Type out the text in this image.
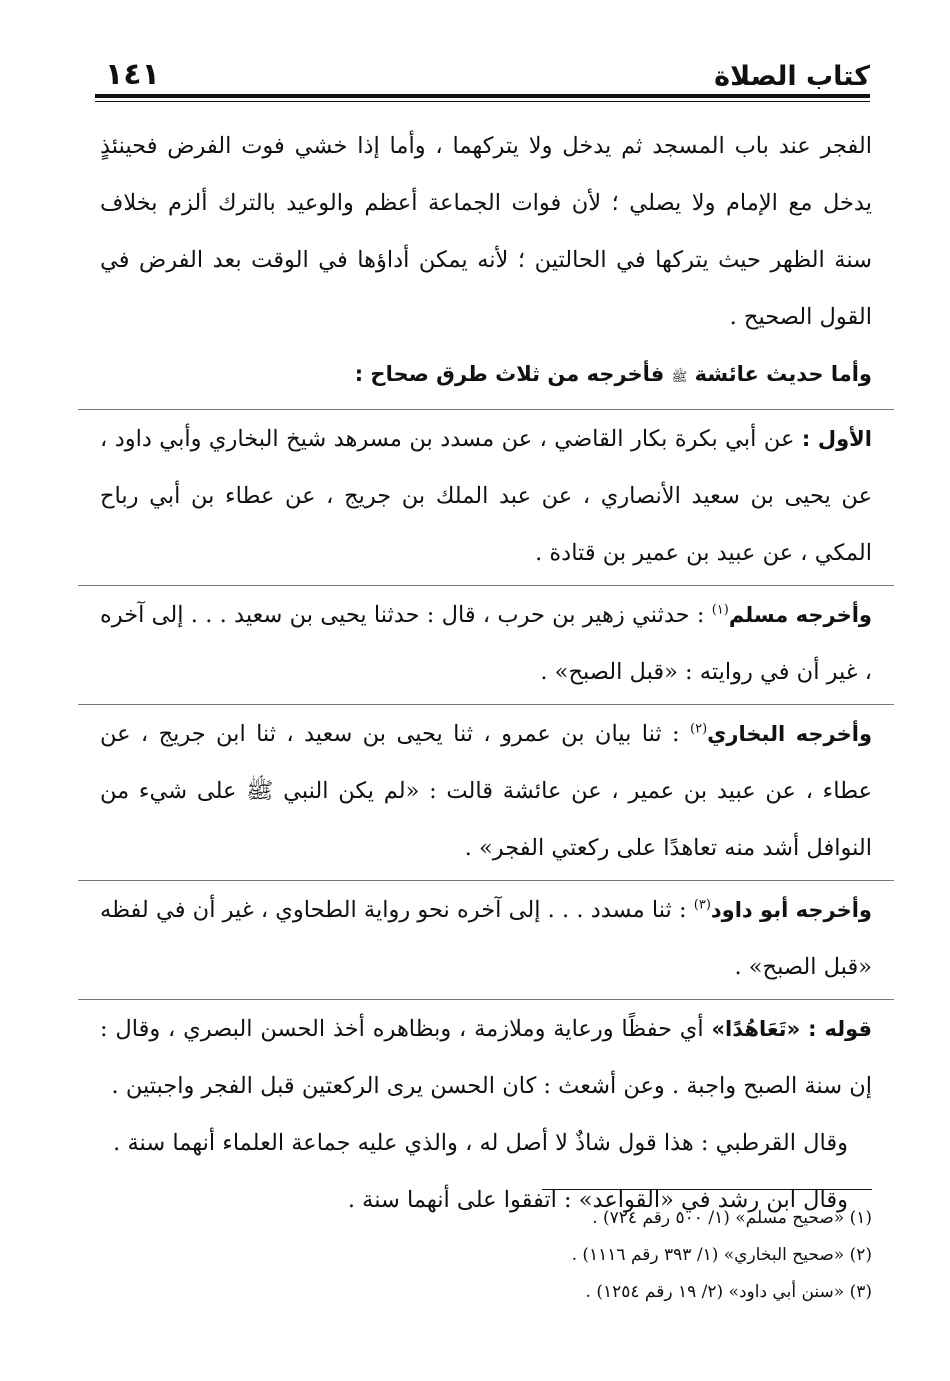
كتاب الصلاة
١٤١

الفجر عند باب المسجد ثم يدخل ولا يتركهما ، وأما إذا خشي فوت الفرض فحينئذٍ يدخل مع الإمام ولا يصلي ؛ لأن فوات الجماعة أعظم والوعيد بالترك ألزم بخلاف سنة الظهر حيث يتركها في الحالتين ؛ لأنه يمكن أداؤها في الوقت بعد الفرض في القول الصحيح .

وأما حديث عائشة ﷺ فأخرجه من ثلاث طرق صحاح :

الأول : عن أبي بكرة بكار القاضي ، عن مسدد بن مسرهد شيخ البخاري وأبي داود ، عن يحيى بن سعيد الأنصاري ، عن عبد الملك بن جريج ، عن عطاء بن أبي رباح المكي ، عن عبيد بن عمير بن قتادة .

وأخرجه مسلم$^{(١)}$ : حدثني زهير بن حرب ، قال : حدثنا يحيى بن سعيد . . . إلى آخره ، غير أن في روايته : «قبل الصبح» .

وأخرجه البخاري$^{(٢)}$ : ثنا بيان بن عمرو ، ثنا يحيى بن سعيد ، ثنا ابن جريج ، عن عطاء ، عن عبيد بن عمير ، عن عائشة قالت : «لم يكن النبي ﷺ على شيء من النوافل أشد منه تعاهدًا على ركعتي الفجر» .

وأخرجه أبو داود$^{(٣)}$ : ثنا مسدد . . . إلى آخره نحو رواية الطحاوي ، غير أن في لفظه «قبل الصبح» .

قوله : «تَعَاهُدًا» أي حفظًا ورعاية وملازمة ، وبظاهره أخذ الحسن البصري ، وقال : إن سنة الصبح واجبة . وعن أشعث : كان الحسن يرى الركعتين قبل الفجر واجبتين .

وقال القرطبي : هذا قول شاذٌ لا أصل له ، والذي عليه جماعة العلماء أنهما سنة .

وقال ابن رشد في «القواعد» : اتفقوا على أنهما سنة .

(١) «صحيح مسلم» (١/ ٥٠٠ رقم ٧٢٤) .

(٢) «صحيح البخاري» (١/ ٣٩٣ رقم ١١١٦) .

(٣) «سنن أبي داود» (٢/ ١٩ رقم ١٢٥٤) .
